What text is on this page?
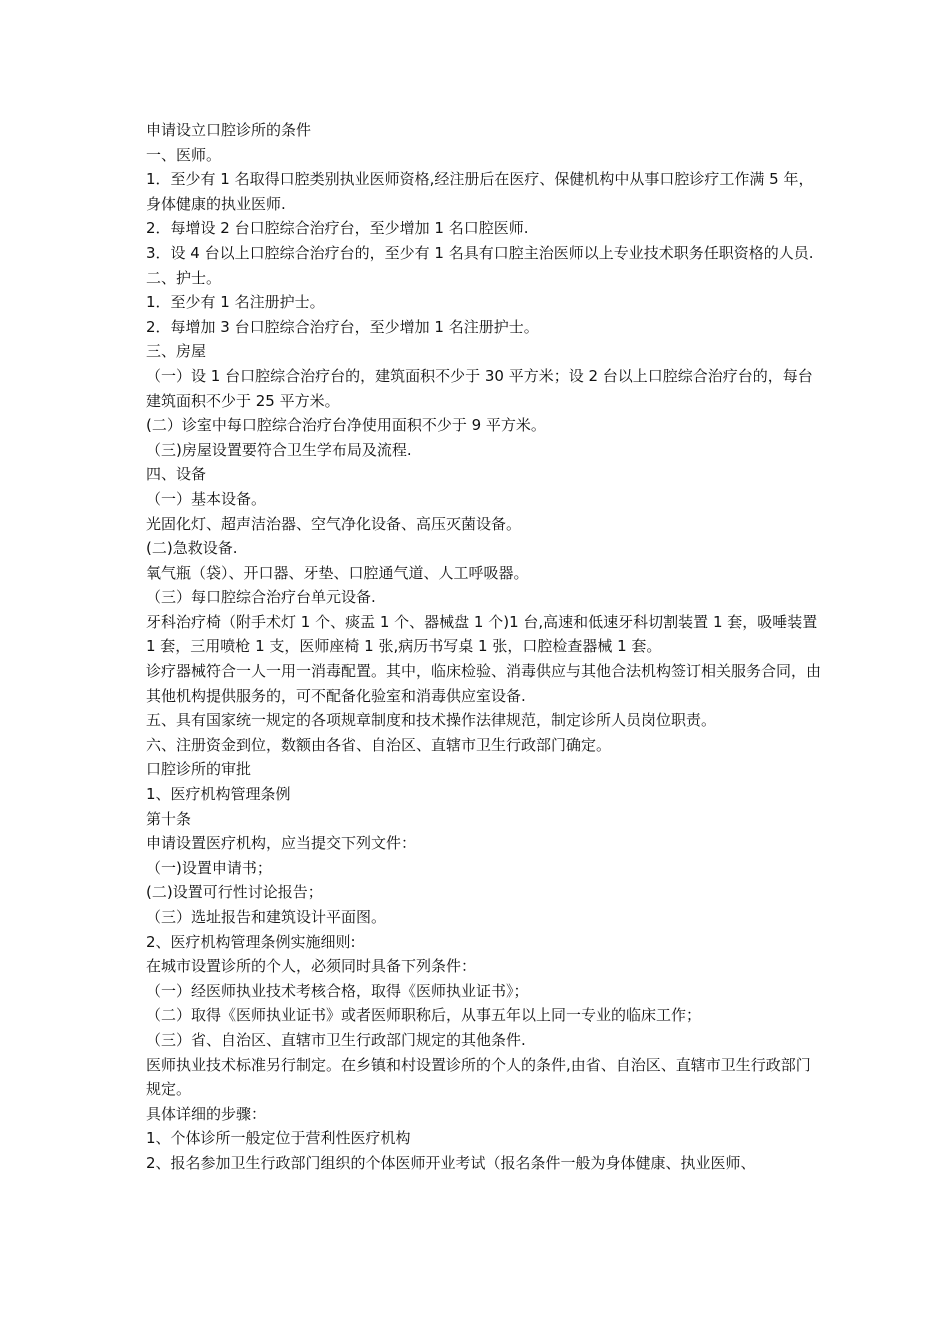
申请设立口腔诊所的条件

一、医师。

1．至少有 1 名取得口腔类别执业医师资格,经注册后在医疗、保健机构中从事口腔诊疗工作满 5 年，身体健康的执业医师.

2．每增设 2 台口腔综合治疗台，至少增加 1 名口腔医师.

3．设 4 台以上口腔综合治疗台的，至少有 1 名具有口腔主治医师以上专业技术职务任职资格的人员.

二、护士。

1．至少有 1 名注册护士。

2．每增加 3 台口腔综合治疗台，至少增加 1 名注册护士。

三、房屋

（一）设 1 台口腔综合治疗台的，建筑面积不少于 30 平方米；设 2 台以上口腔综合治疗台的，每台建筑面积不少于 25 平方米。

(二）诊室中每口腔综合治疗台净使用面积不少于 9 平方米。

（三)房屋设置要符合卫生学布局及流程.

四、设备

（一）基本设备。

光固化灯、超声洁治器、空气净化设备、高压灭菌设备。

(二)急救设备.

氧气瓶（袋）、开口器、牙垫、口腔通气道、人工呼吸器。

（三）每口腔综合治疗台单元设备.

牙科治疗椅（附手术灯 1 个、痰盂 1 个、器械盘 1 个)1 台,高速和低速牙科切割装置 1 套，吸唾装置 1 套，三用喷枪 1 支，医师座椅 1 张,病历书写桌 1 张，口腔检查器械 1 套。

诊疗器械符合一人一用一消毒配置。其中，临床检验、消毒供应与其他合法机构签订相关服务合同，由其他机构提供服务的，可不配备化验室和消毒供应室设备.

五、具有国家统一规定的各项规章制度和技术操作法律规范，制定诊所人员岗位职责。

六、注册资金到位，数额由各省、自治区、直辖市卫生行政部门确定。

口腔诊所的审批

1、医疗机构管理条例

第十条

申请设置医疗机构，应当提交下列文件：

（一)设置申请书；

(二)设置可行性讨论报告；

（三）选址报告和建筑设计平面图。

2、医疗机构管理条例实施细则:

在城市设置诊所的个人，必须同时具备下列条件：

（一）经医师执业技术考核合格，取得《医师执业证书》；

（二）取得《医师执业证书》或者医师职称后，从事五年以上同一专业的临床工作；

（三）省、自治区、直辖市卫生行政部门规定的其他条件.

医师执业技术标准另行制定。在乡镇和村设置诊所的个人的条件,由省、自治区、直辖市卫生行政部门规定。

具体详细的步骤：

1、个体诊所一般定位于营利性医疗机构

2、报名参加卫生行政部门组织的个体医师开业考试（报名条件一般为身体健康、执业医师、
